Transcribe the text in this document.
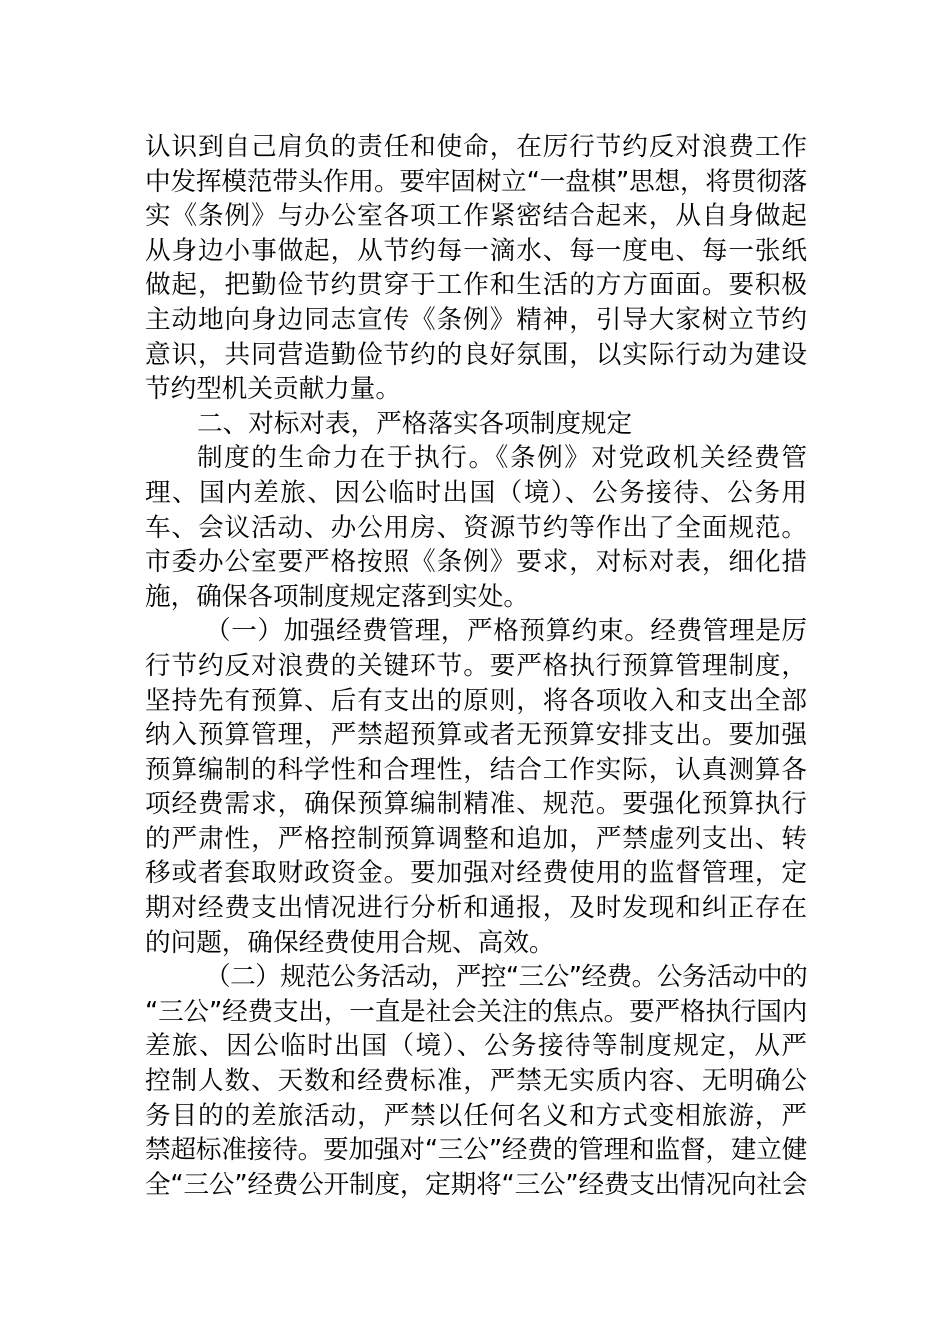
认识到自己肩负的责任和使命，在厉行节约反对浪费工作
中发挥模范带头作用。要牢固树立“一盘棋”思想，将贯彻落
实《条例》与办公室各项工作紧密结合起来，从自身做起
从身边小事做起，从节约每一滴水、每一度电、每一张纸
做起，把勤俭节约贯穿于工作和生活的方方面面。要积极
主动地向身边同志宣传《条例》精神，引导大家树立节约
意识，共同营造勤俭节约的良好氛围，以实际行动为建设
节约型机关贡献力量。
二、对标对表，严格落实各项制度规定
制度的生命力在于执行。《条例》对党政机关经费管
理、国内差旅、因公临时出国（境）、公务接待、公务用
车、会议活动、办公用房、资源节约等作出了全面规范。
市委办公室要严格按照《条例》要求，对标对表，细化措
施，确保各项制度规定落到实处。
（一）加强经费管理，严格预算约束。经费管理是厉
行节约反对浪费的关键环节。要严格执行预算管理制度，
坚持先有预算、后有支出的原则，将各项收入和支出全部
纳入预算管理，严禁超预算或者无预算安排支出。要加强
预算编制的科学性和合理性，结合工作实际，认真测算各
项经费需求，确保预算编制精准、规范。要强化预算执行
的严肃性，严格控制预算调整和追加，严禁虚列支出、转
移或者套取财政资金。要加强对经费使用的监督管理，定
期对经费支出情况进行分析和通报，及时发现和纠正存在
的问题，确保经费使用合规、高效。
（二）规范公务活动，严控“三公”经费。公务活动中的
“三公”经费支出，一直是社会关注的焦点。要严格执行国内
差旅、因公临时出国（境）、公务接待等制度规定，从严
控制人数、天数和经费标准，严禁无实质内容、无明确公
务目的的差旅活动，严禁以任何名义和方式变相旅游，严
禁超标准接待。要加强对“三公”经费的管理和监督，建立健
全“三公”经费公开制度，定期将“三公”经费支出情况向社会
